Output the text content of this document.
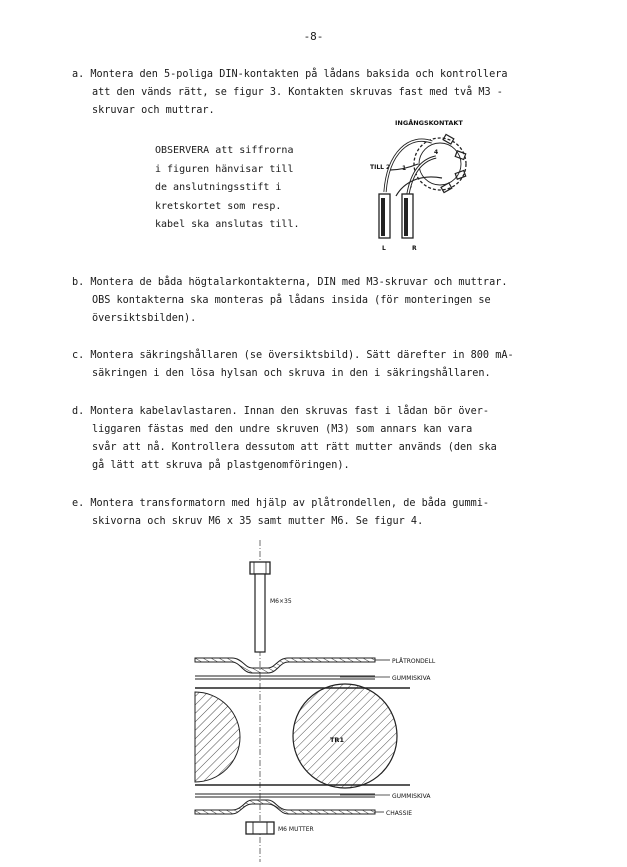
-8-
a. Montera den 5-poliga DIN-kontakten på lådans baksida och kontrollera
att den vänds rätt, se figur 3. Kontakten skruvas fast med två M3 -
skruvar och muttrar.
OBSERVERA att siffrorna
i figuren hänvisar till
de anslutningsstift i
kretskortet som resp.
kabel ska anslutas till.
INGÅNGSKONTAKT
TILL 2
4
1
3
L	R
b. Montera de båda högtalarkontakterna, DIN med M3-skruvar och muttrar.
OBS kontakterna ska monteras på lådans insida (för monteringen se
översiktsbilden).
c. Montera säkringshållaren (se översiktsbild). Sätt därefter in 800 mA-
säkringen i den lösa hylsan och skruva in den i säkringshållaren.
d. Montera kabelavlastaren. Innan den skruvas fast i lådan bör över-
liggaren fästas med den undre skruven (M3) som annars kan vara
svår att nå. Kontrollera dessutom att rätt mutter används (den ska
gå lätt att skruva på plastgenomföringen).
e. Montera transformatorn med hjälp av plåtrondellen, de båda gummi-
skivorna och skruv M6 x 35 samt mutter M6. Se figur 4.
M6×35
PLÅTRONDELL
GUMMISKIVA
TR1
GUMMISKIVA
CHASSIE
M6 MUTTER
